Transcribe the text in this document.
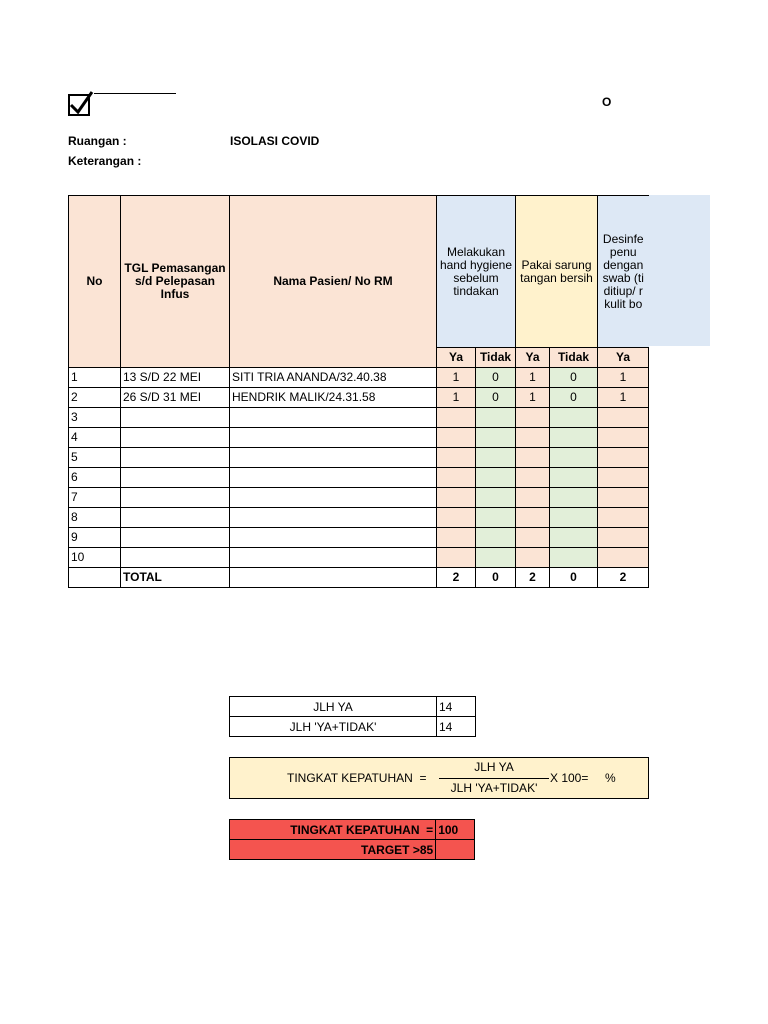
O
Ruangan :	ISOLASI COVID
Keterangan :
No	TGL Pemasangan s/d Pelepasan Infus	Nama Pasien/ No RM	Melakukan hand hygiene sebelum tindakan		Pakai sarung tangan bersih		Desinfe penu dengan swab (ti ditiup/ r kulit bo
			Ya	Tidak	Ya	Tidak	Ya
1	13 S/D 22 MEI	SITI TRIA ANANDA/32.40.38	1	0	1	0	1
2	26 S/D 31 MEI	HENDRIK MALIK/24.31.58	1	0	1	0	1
3							
4							
5							
6							
7							
8							
9							
10							
	TOTAL		2	0	2	0	2
JLH YA	14
JLH 'YA+TIDAK'	14
TINGKAT KEPATUHAN  =
JLH YA
JLH 'YA+TIDAK'
X 100= %
TINGKAT KEPATUHAN  =	100
TARGET >85	
